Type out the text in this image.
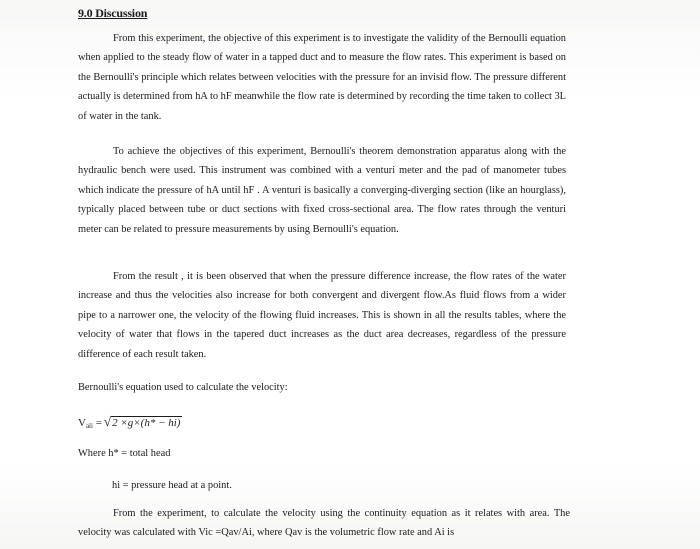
9.0 Discussion

From this experiment, the objective of this experiment is to investigate the validity of the Bernoulli equation when applied to the steady flow of water in a tapped duct and to measure the flow rates. This experiment is based on the Bernoulli's principle which relates between velocities with the pressure for an invisid flow. The pressure different actually is determined from hA to hF meanwhile the flow rate is determined by recording the time taken to collect 3L of water in the tank.

To achieve the objectives of this experiment, Bernoulli's theorem demonstration apparatus along with the hydraulic bench were used. This instrument was combined with a venturi meter and the pad of manometer tubes which indicate the pressure of hA until hF . A venturi is basically a converging-diverging section (like an hourglass), typically placed between tube or duct sections with fixed cross-sectional area. The flow rates through the venturi meter can be related to pressure measurements by using Bernoulli's equation.

From the result , it is been observed that when the pressure difference increase, the flow rates of the water increase and thus the velocities also increase for both convergent and divergent flow.As fluid flows from a wider pipe to a narrower one, the velocity of the flowing fluid increases. This is shown in all the results tables, where the velocity of water that flows in the tapered duct increases as the duct area decreases, regardless of the pressure difference of each result taken.

Bernoulli's equation used to calculate the velocity:
$V_{ali} = √2 \times g\times(h* - hi)$
Where h* = total head
hi = pressure head at a point.

From the experiment, to calculate the velocity using the continuity equation as it relates with area. The velocity was calculated with Vic =Qav/Ai, where Qav is the volumetric flow rate and Ai is
